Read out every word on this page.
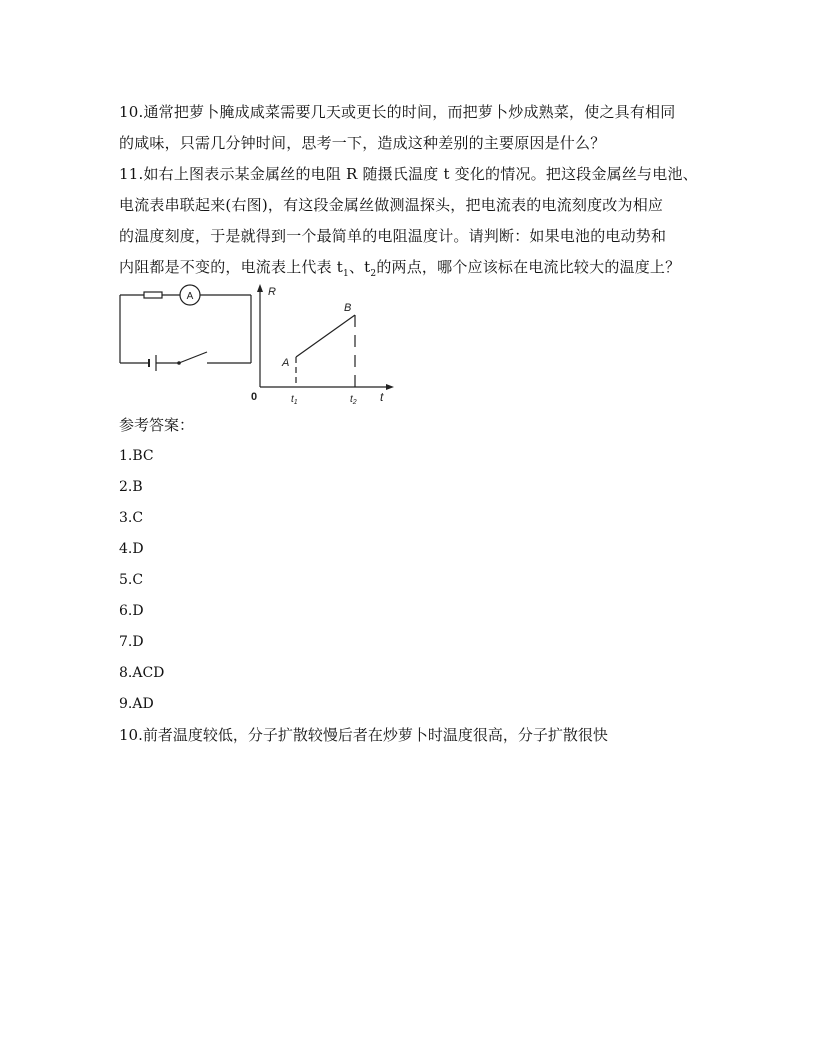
10.通常把萝卜腌成咸菜需要几天或更长的时间，而把萝卜炒成熟菜，使之具有相同
的咸味，只需几分钟时间，思考一下，造成这种差别的主要原因是什么？

11.如右上图表示某金属丝的电阻 R 随摄氏温度 t 变化的情况。把这段金属丝与电池、
电流表串联起来(右图)，有这段金属丝做测温探头，把电流表的电流刻度改为相应
的温度刻度，于是就得到一个最简单的电阻温度计。请判断：如果电池的电动势和
内阻都是不变的，电流表上代表 $t_1$、$t_2$的两点，哪个应该标在电流比较大的温度上？

A	R
t
0
A
B
$t_1$	$t_2$
参考答案：
1.BC
2.B
3.C
4.D
5.C
6.D
7.D
8.ACD
9.AD
10.前者温度较低，分子扩散较慢后者在炒萝卜时温度很高，分子扩散很快
